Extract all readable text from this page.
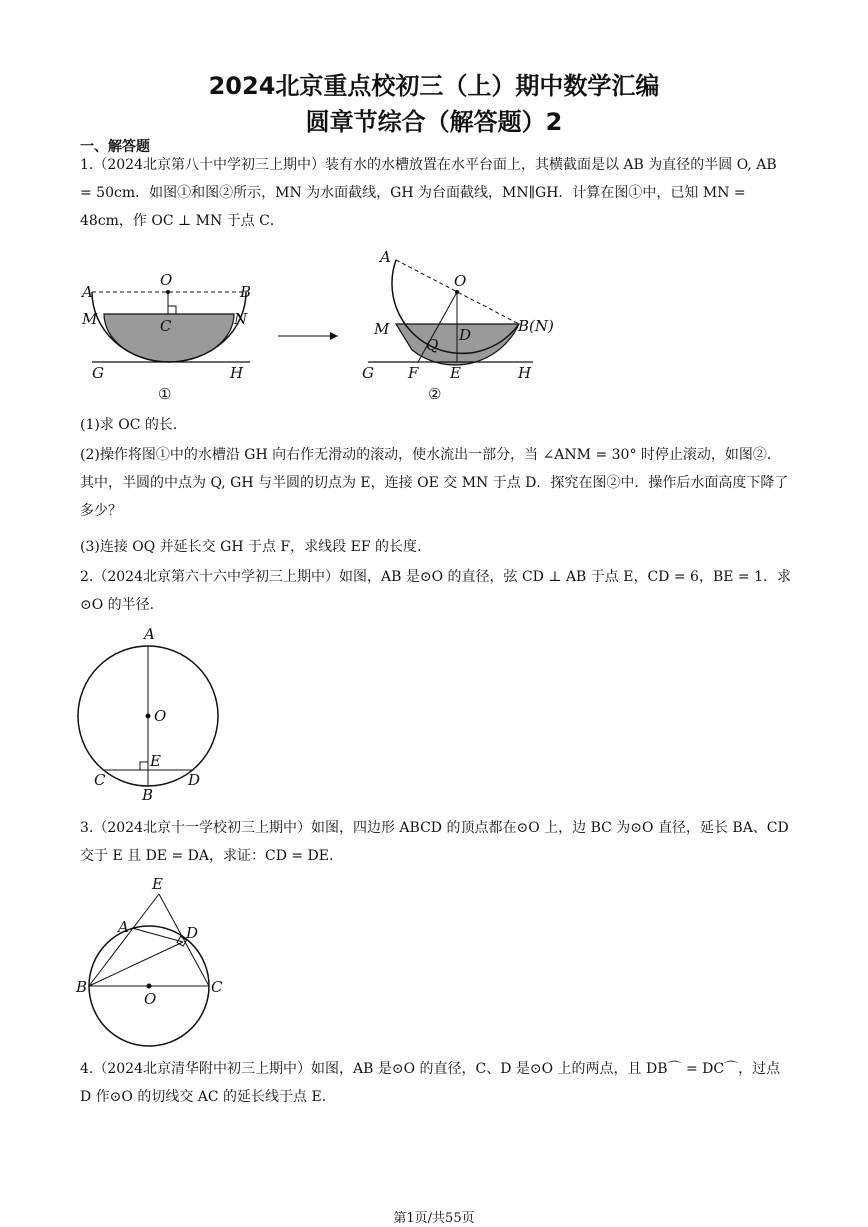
2024北京重点校初三（上）期中数学汇编
圆章节综合（解答题）2
一、解答题
1.（2024北京第八十中学初三上期中）装有水的水槽放置在水平台面上，其横截面是以 AB 为直径的半圆 O, AB = 50cm．如图①和图②所示，MN 为水面截线，GH 为台面截线，MN∥GH．计算在图①中，已知 MN = 48cm，作 OC ⊥ MN 于点 C．
A	B
O
C
M	N
G	H
①
A
B(N)
O
Q
D
M
G F E	H
②
(1)求 OC 的长.
(2)操作将图①中的水槽沿 GH 向右作无滑动的滚动，使水流出一部分，当 ∠ANM = 30° 时停止滚动，如图②．其中，半圆的中点为 Q, GH 与半圆的切点为 E，连接 OE 交 MN 于点 D．探究在图②中．操作后水面高度下降了多少？
(3)连接 OQ 并延长交 GH 于点 F，求线段 EF 的长度.
2.（2024北京第六十六中学初三上期中）如图，AB 是⊙O 的直径，弦 CD ⊥ AB 于点 E，CD = 6，BE = 1．求⊙O 的半径.
A
O
E
C	D
B
3.（2024北京十一学校初三上期中）如图，四边形 ABCD 的顶点都在⊙O 上，边 BC 为⊙O 直径，延长 BA、CD 交于 E 且 DE = DA，求证：CD = DE.
E
A	D
B
O
C
4.（2024北京清华附中初三上期中）如图，AB 是⊙O 的直径，C、D 是⊙O 上的两点，且 DB⌒ = DC⌒，过点 D 作⊙O 的切线交 AC 的延长线于点 E.
第1页/共55页
